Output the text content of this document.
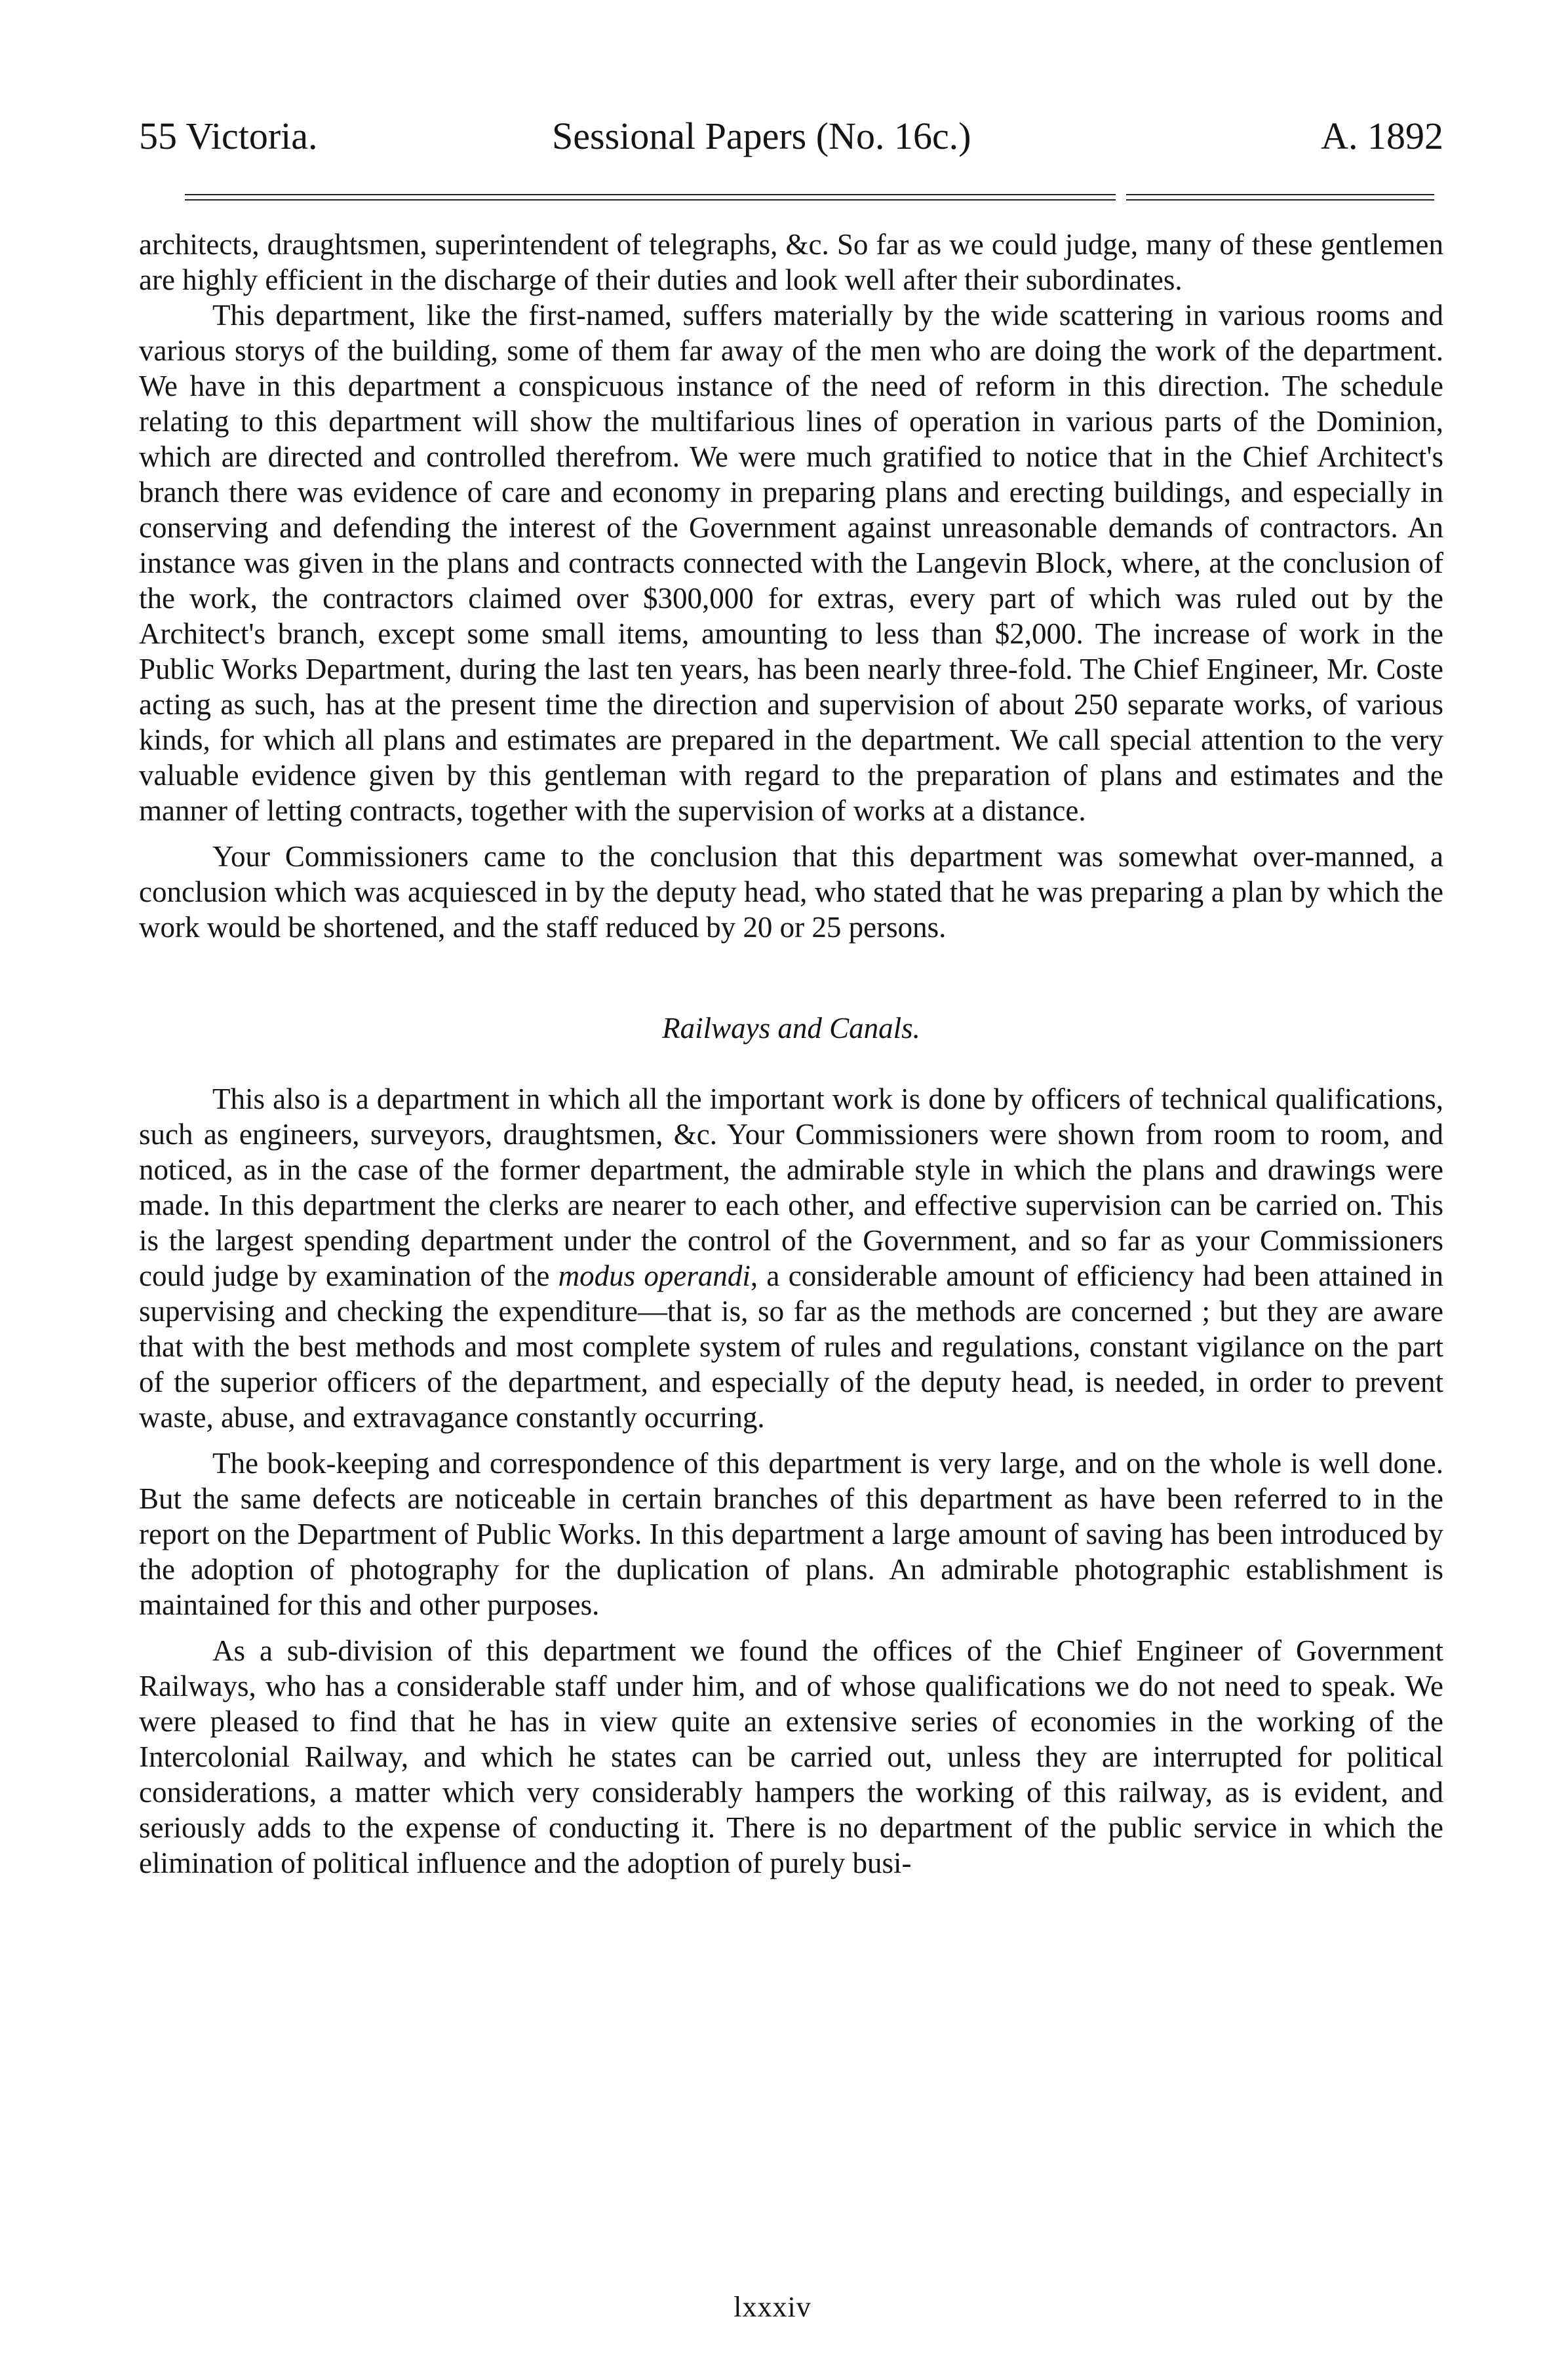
55 Victoria.	Sessional Papers (No. 16c.)	A. 1892

architects, draughtsmen, superintendent of telegraphs, &c. So far as we could judge, many of these gentlemen are highly efficient in the discharge of their duties and look well after their subordinates.

This department, like the first-named, suffers materially by the wide scattering in various rooms and various storys of the building, some of them far away of the men who are doing the work of the department. We have in this department a conspicuous instance of the need of reform in this direction. The schedule relating to this department will show the multifarious lines of operation in various parts of the Dominion, which are directed and controlled therefrom. We were much gratified to notice that in the Chief Architect's branch there was evidence of care and economy in preparing plans and erecting buildings, and especially in conserving and defending the interest of the Government against unreasonable demands of contractors. An instance was given in the plans and contracts connected with the Langevin Block, where, at the conclusion of the work, the contractors claimed over $300,000 for extras, every part of which was ruled out by the Architect's branch, except some small items, amounting to less than $2,000. The increase of work in the Public Works Department, during the last ten years, has been nearly three-fold. The Chief Engineer, Mr. Coste acting as such, has at the present time the direction and supervision of about 250 separate works, of various kinds, for which all plans and estimates are prepared in the department. We call special attention to the very valuable evidence given by this gentleman with regard to the preparation of plans and estimates and the manner of letting contracts, together with the supervision of works at a distance.

Your Commissioners came to the conclusion that this department was somewhat over-manned, a conclusion which was acquiesced in by the deputy head, who stated that he was preparing a plan by which the work would be shortened, and the staff reduced by 20 or 25 persons.

Railways and Canals.

This also is a department in which all the important work is done by officers of technical qualifications, such as engineers, surveyors, draughtsmen, &c. Your Commissioners were shown from room to room, and noticed, as in the case of the former department, the admirable style in which the plans and drawings were made. In this department the clerks are nearer to each other, and effective supervision can be carried on. This is the largest spending department under the control of the Government, and so far as your Commissioners could judge by examination of the modus operandi, a considerable amount of efficiency had been attained in supervising and checking the expenditure—that is, so far as the methods are concerned ; but they are aware that with the best methods and most complete system of rules and regulations, constant vigilance on the part of the superior officers of the department, and especially of the deputy head, is needed, in order to prevent waste, abuse, and extravagance constantly occurring.

The book-keeping and correspondence of this department is very large, and on the whole is well done. But the same defects are noticeable in certain branches of this department as have been referred to in the report on the Department of Public Works. In this department a large amount of saving has been introduced by the adoption of photography for the duplication of plans. An admirable photographic establishment is maintained for this and other purposes.

As a sub-division of this department we found the offices of the Chief Engineer of Government Railways, who has a considerable staff under him, and of whose qualifications we do not need to speak. We were pleased to find that he has in view quite an extensive series of economies in the working of the Intercolonial Railway, and which he states can be carried out, unless they are interrupted for political considerations, a matter which very considerably hampers the working of this railway, as is evident, and seriously adds to the expense of conducting it. There is no department of the public service in which the elimination of political influence and the adoption of purely busi-

lxxxiv
